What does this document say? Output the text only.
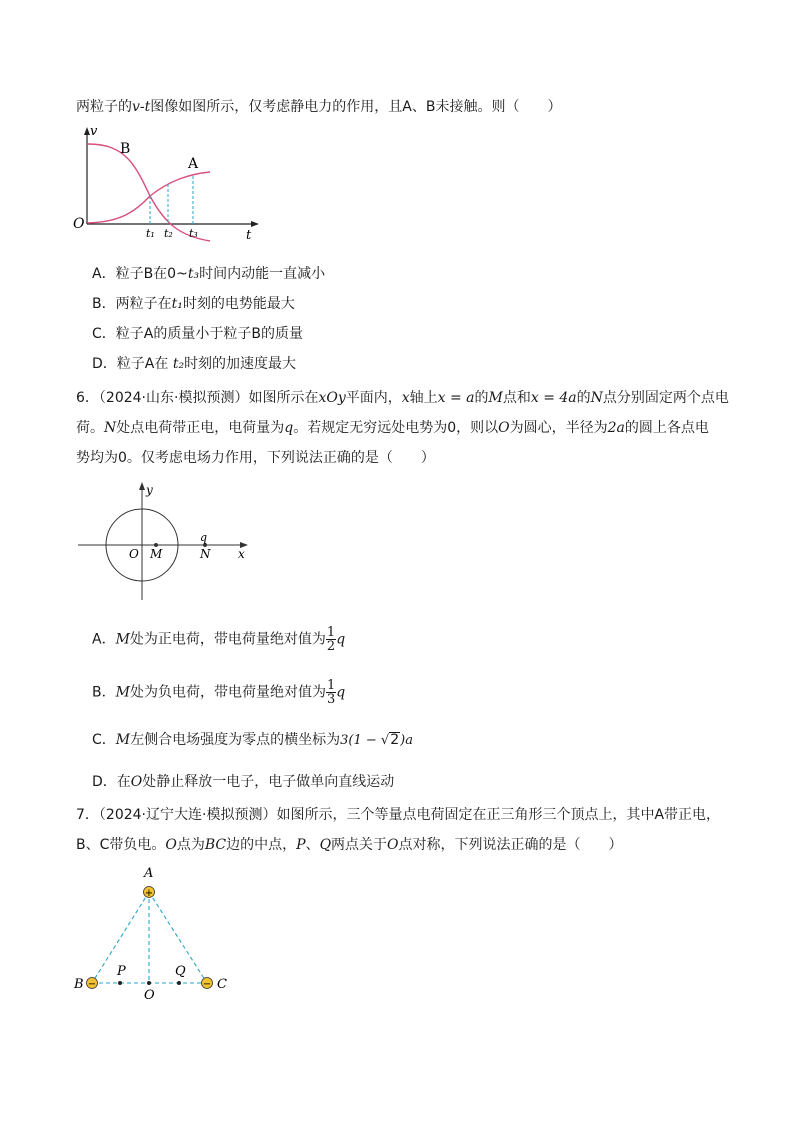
两粒子的v-t图像如图所示，仅考虑静电力的作用，且A、B未接触。则（　　）
v
t
O
B
A
t₁ t₂ t₃
A．粒子B在0~t₃时间内动能一直减小
B．两粒子在t₁时刻的电势能最大
C．粒子A的质量小于粒子B的质量
D．粒子A在 t₂时刻的加速度最大
6．（2024·山东·模拟预测）如图所示在xOy平面内，x轴上x = a的M点和x = 4a的N点分别固定两个点电
荷。N处点电荷带正电，电荷量为q。若规定无穷远处电势为0，则以O为圆心，半径为2a的圆上各点电
势均为0。仅考虑电场力作用，下列说法正确的是（　　）
y
x
O M	N
q
A．M处为正电荷，带电荷量绝对值为 $\frac{1}{2}$ q
B．M处为负电荷，带电荷量绝对值为 $\frac{1}{3}$ q
C．M左侧合电场强度为零点的横坐标为3(1 − √2)a
D．在O处静止释放一电子，电子做单向直线运动
7．（2024·辽宁大连·模拟预测）如图所示，三个等量点电荷固定在正三角形三个顶点上，其中A带正电，
B、C带负电。O点为BC边的中点，P、Q两点关于O点对称，下列说法正确的是（　　）
+
−	−
A
B	C
O
P	Q
